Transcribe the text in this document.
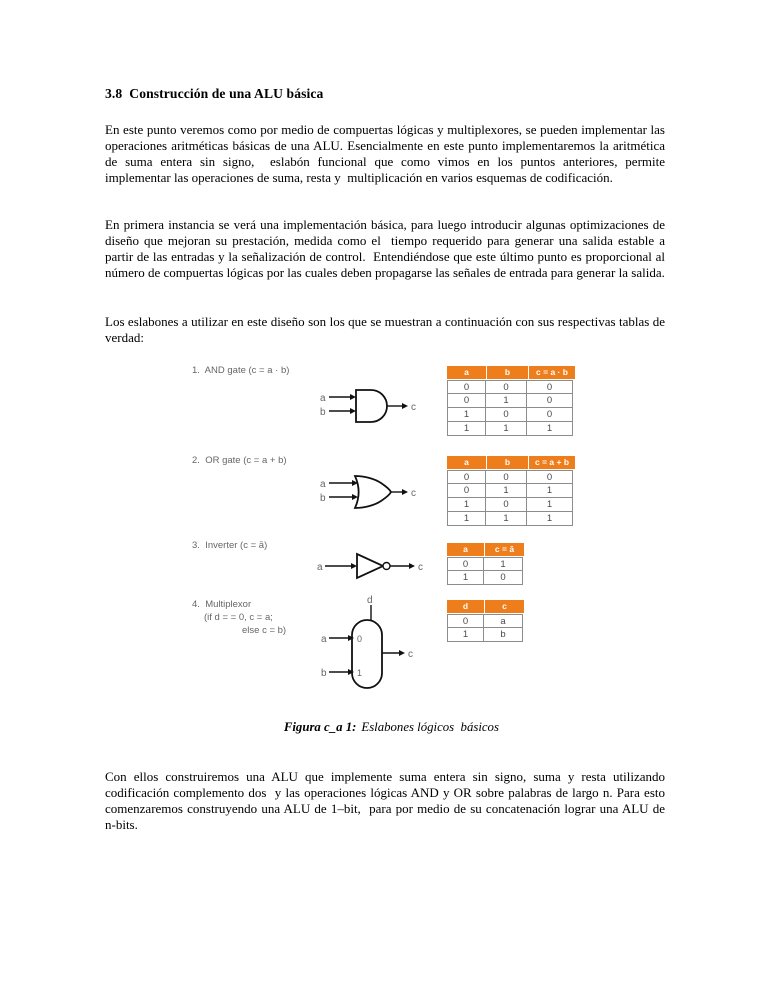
3.8  Construcción de una ALU básica
En este punto veremos como por medio de compuertas lógicas y multiplexores, se pueden implementar las operaciones aritméticas básicas de una ALU. Esencialmente en este punto implementaremos la aritmética de suma entera sin signo,  eslabón funcional que como vimos en los puntos anteriores, permite implementar las operaciones de suma, resta y  multiplicación en varios esquemas de codificación.
En primera instancia se verá una implementación básica, para luego introducir algunas optimizaciones de diseño que mejoran su prestación, medida como el  tiempo requerido para generar una salida estable a partir de las entradas y la señalización de control.  Entendiéndose que este último punto es proporcional al número de compuertas lógicas por las cuales deben propagarse las señales de entrada para generar la salida.
Los eslabones a utilizar en este diseño son los que se muestran a continuación con sus respectivas tablas de verdad:
1.  AND gate (c = a · b)
2.  OR gate (c = a + b)
3.  Inverter (c = ā)
4.  Multiplexor
(if d = = 0, c = a;
else c = b)
a
b	c
a
b	c
a	c
d
a	0
b	1
c
a	b	c = a · b
0	0	0
0	1	0
1	0	0
1	1	1
a	b	c = a + b
0	0	0
0	1	1
1	0	1
1	1	1
a	c = ā
0	1
1	0
d	c
0	a
1	b

Figura c_a 1: Eslabones lógicos  básicos

Con ellos construiremos una ALU que implemente suma entera sin signo, suma y resta utilizando codificación complemento dos  y las operaciones lógicas AND y OR sobre palabras de largo n. Para esto comenzaremos construyendo una ALU de 1–bit,  para por medio de su concatenación lograr una ALU de  n-bits.
